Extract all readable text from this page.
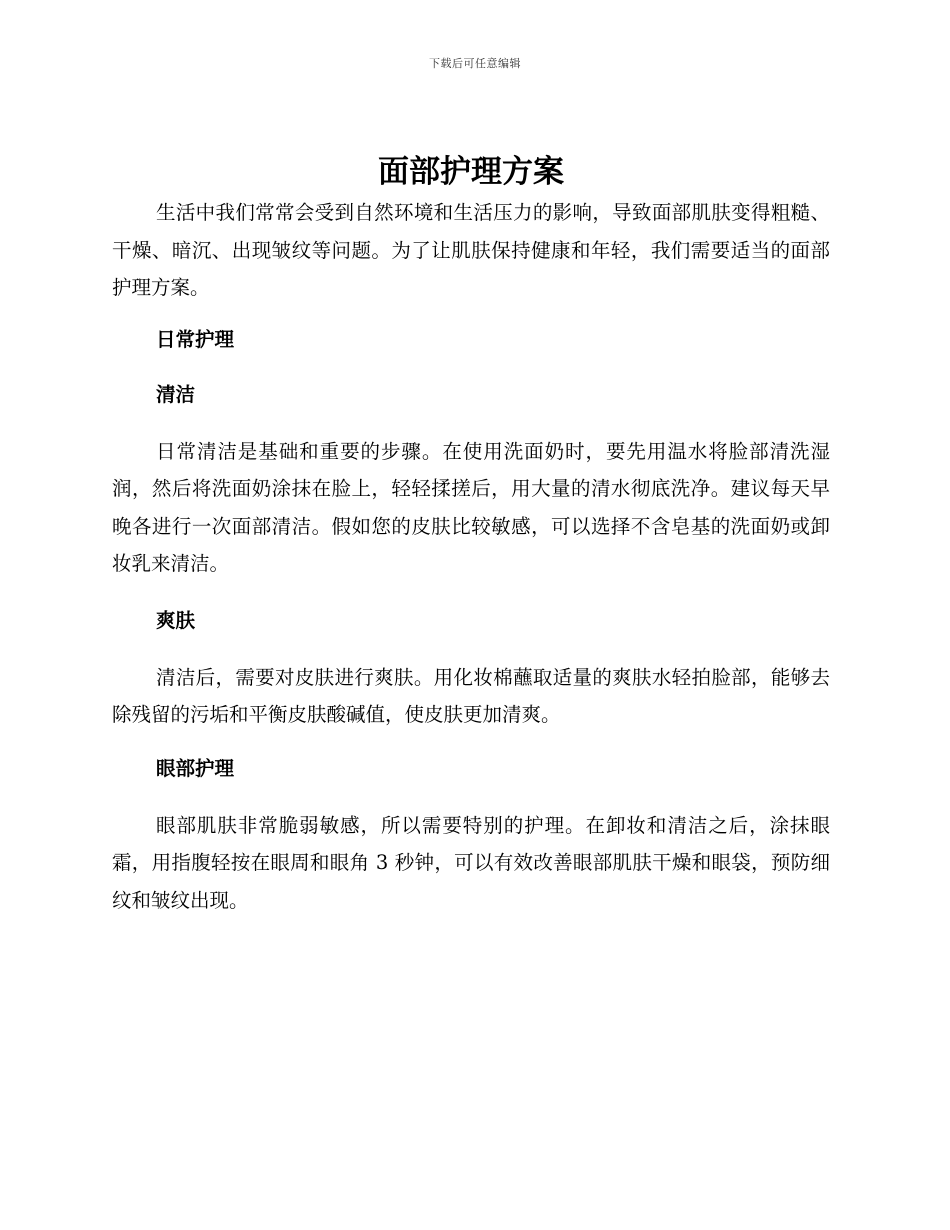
下载后可任意编辑
面部护理方案

生活中我们常常会受到自然环境和生活压力的影响，导致面部肌肤变得粗糙、干燥、暗沉、出现皱纹等问题。为了让肌肤保持健康和年轻，我们需要适当的面部护理方案。

日常护理
清洁

日常清洁是基础和重要的步骤。在使用洗面奶时，要先用温水将脸部清洗湿润，然后将洗面奶涂抹在脸上，轻轻揉搓后，用大量的清水彻底洗净。建议每天早晚各进行一次面部清洁。假如您的皮肤比较敏感，可以选择不含皂基的洗面奶或卸妆乳来清洁。

爽肤

清洁后，需要对皮肤进行爽肤。用化妆棉蘸取适量的爽肤水轻拍脸部，能够去除残留的污垢和平衡皮肤酸碱值，使皮肤更加清爽。

眼部护理

眼部肌肤非常脆弱敏感，所以需要特别的护理。在卸妆和清洁之后，涂抹眼霜，用指腹轻按在眼周和眼角 3 秒钟，可以有效改善眼部肌肤干燥和眼袋，预防细纹和皱纹出现。
